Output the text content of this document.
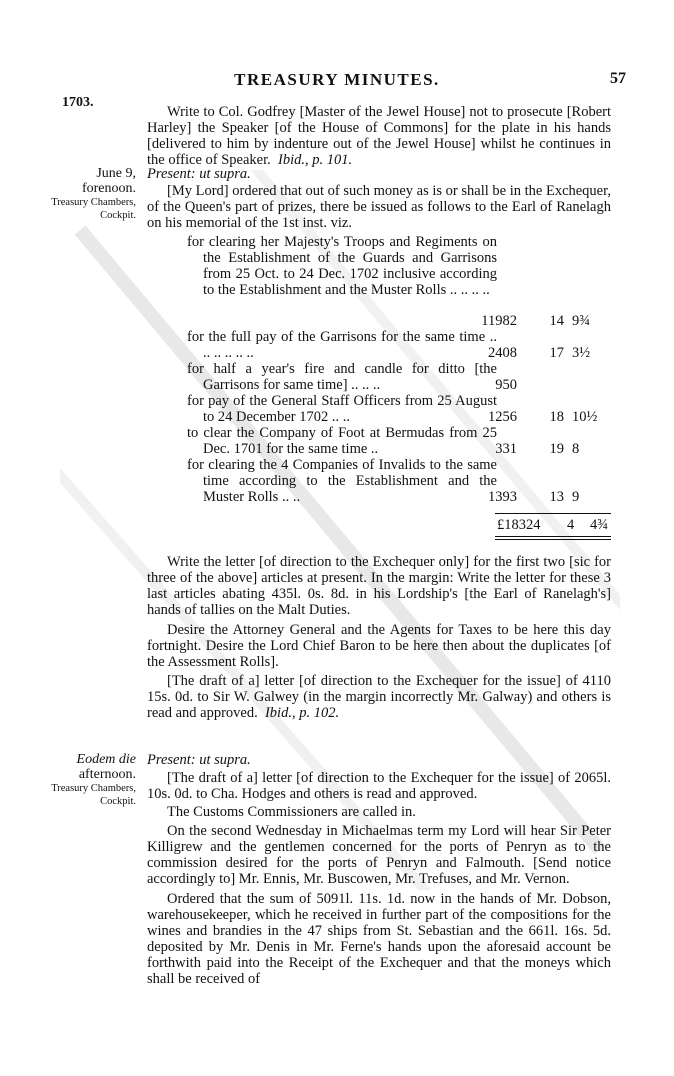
TREASURY MINUTES.	57
1703.
Write to Col. Godfrey [Master of the Jewel House] not to prosecute [Robert Harley] the Speaker [of the House of Commons] for the plate in his hands [delivered to him by indenture out of the Jewel House] whilst he continues in the office of Speaker. Ibid., p. 101.
June 9,
forenoon.
Treasury Chambers, Cockpit.
Present: ut supra.
[My Lord] ordered that out of such money as is or shall be in the Exchequer, of the Queen's part of prizes, there be issued as follows to the Earl of Ranelagh on his memorial of the 1st inst. viz.
for clearing her Majesty's Troops and Regiments on the Establishment of the Guards and Garrisons from 25 Oct. to 24 Dec. 1702 inclusive according to the Establishment and the Muster Rolls .. .. .. ..
11982 14 9¾
for the full pay of the Garrisons for the same time .. .. .. .. .. ..	2408 17 3½
for half a year's fire and candle for ditto [the Garrisons for same time] .. .. ..	950
for pay of the General Staff Officers from 25 August to 24 December 1702 .. ..	1256 18 10½
to clear the Company of Foot at Bermudas from 25 Dec. 1701 for the same time ..	331 19 8
for clearing the 4 Companies of Invalids to the same time according to the Establishment and the Muster Rolls .. ..	1393 13 9
£18324 4 4¾
Write the letter [of direction to the Exchequer only] for the first two [sic for three of the above] articles at present. In the margin: Write the letter for these 3 last articles abating 435l. 0s. 8d. in his Lordship's [the Earl of Ranelagh's] hands of tallies on the Malt Duties.
Desire the Attorney General and the Agents for Taxes to be here this day fortnight. Desire the Lord Chief Baron to be here then about the duplicates [of the Assessment Rolls].
[The draft of a] letter [of direction to the Exchequer for the issue] of 4110 15s. 0d. to Sir W. Galwey (in the margin incorrectly Mr. Galway) and others is read and approved. Ibid., p. 102.
Eodem die
afternoon.
Treasury Chambers, Cockpit.
Present: ut supra.
[The draft of a] letter [of direction to the Exchequer for the issue] of 2065l. 10s. 0d. to Cha. Hodges and others is read and approved.
The Customs Commissioners are called in.
On the second Wednesday in Michaelmas term my Lord will hear Sir Peter Killigrew and the gentlemen concerned for the ports of Penryn as to the commission desired for the ports of Penryn and Falmouth. [Send notice accordingly to] Mr. Ennis, Mr. Buscowen, Mr. Trefuses, and Mr. Vernon.
Ordered that the sum of 5091l. 11s. 1d. now in the hands of Mr. Dobson, warehousekeeper, which he received in further part of the compositions for the wines and brandies in the 47 ships from St. Sebastian and the 661l. 16s. 5d. deposited by Mr. Denis in Mr. Ferne's hands upon the aforesaid account be forthwith paid into the Receipt of the Exchequer and that the moneys which shall be received of
